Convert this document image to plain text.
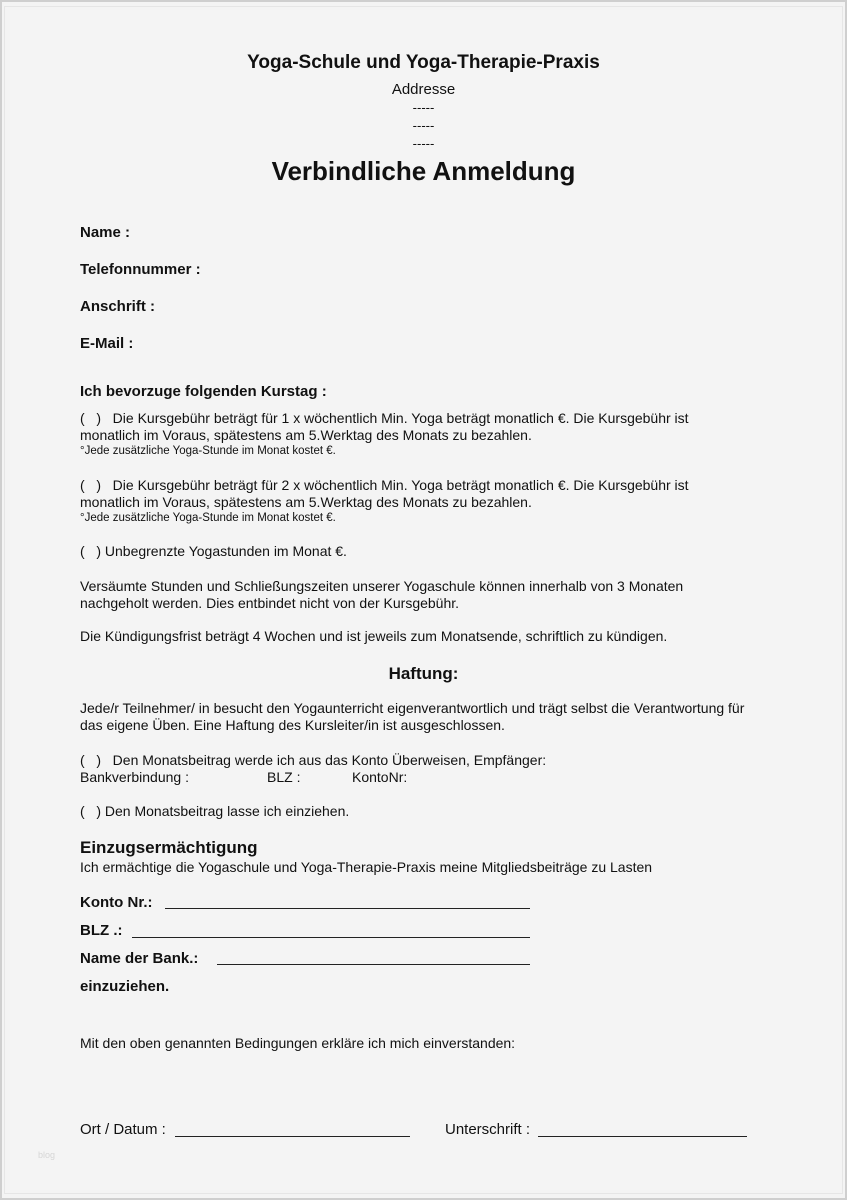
Yoga-Schule und Yoga-Therapie-Praxis
Addresse
-----
-----
-----
Verbindliche Anmeldung
Name :
Telefonnummer :
Anschrift :
E-Mail :
Ich bevorzuge folgenden Kurstag :
(   ) Die Kursgebühr beträgt für 1 x wöchentlich Min. Yoga beträgt monatlich €. Die Kursgebühr ist
monatlich im Voraus, spätestens am 5.Werktag des Monats zu bezahlen.
°Jede zusätzliche Yoga-Stunde im Monat kostet €.
(   ) Die Kursgebühr beträgt für 2 x wöchentlich Min. Yoga beträgt monatlich €. Die Kursgebühr ist
monatlich im Voraus, spätestens am 5.Werktag des Monats zu bezahlen.
°Jede zusätzliche Yoga-Stunde im Monat kostet €.
(   ) Unbegrenzte Yogastunden im Monat €.
Versäumte Stunden und Schließungszeiten unserer Yogaschule können innerhalb von 3 Monaten
nachgeholt werden. Dies entbindet nicht von der Kursgebühr.
Die Kündigungsfrist beträgt 4 Wochen und ist jeweils zum Monatsende, schriftlich zu kündigen.
Haftung:
Jede/r Teilnehmer/ in besucht den Yogaunterricht eigenverantwortlich und trägt selbst die Verantwortung für
das eigene Üben. Eine Haftung des Kursleiter/in ist ausgeschlossen.
(   ) Den Monatsbeitrag werde ich aus das Konto Überweisen, Empfänger:
Bankverbindung :	BLZ :	KontoNr:
(   ) Den Monatsbeitrag lasse ich einziehen.
Einzugsermächtigung
Ich ermächtige die Yogaschule und Yoga-Therapie-Praxis meine Mitgliedsbeiträge zu Lasten
Konto Nr.:
BLZ .:
Name der Bank.:
einzuziehen.
Mit den oben genannten Bedingungen erkläre ich mich einverstanden:
Ort / Datum :	Unterschrift :
blog
